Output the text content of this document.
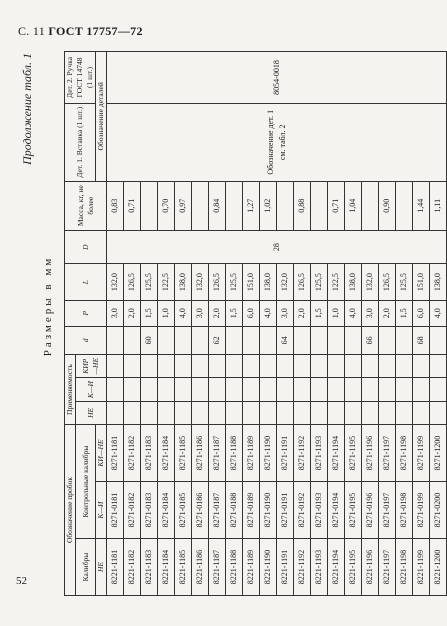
С. 11 ГОСТ 17757—72
Продолжение табл. 1
Размеры в мм
Обозначение пробок			Применяемость			d	P	L	D	Масса, кг, не более	Дет. 1. Вставка (1 шт.)	Дет. 2. Ручка ГОСТ 14748 (1 шт.)
Калибры	Контрольные калибры		НЕ	К—И	КИР—НЕ							
НЕ	К—И	КИ—НЕ									Обозначение деталей	
8221-1181	8271-0181	8271-1181					3,0	132,0	28	0,83	Обозначение дет. 1 см. табл. 2	8054-0018
8221-1182	8271-0182	8271-1182					2,0	126,5		0,71		
8221-1183	8271-0183	8271-1183				60	1,5	125,5				
8221-1184	8271-0184	8271-1184					1,0	122,5		0,70		
8221-1185	8271-0185	8271-1185					4,0	138,0		0,97		
8221-1186	8271-0186	8271-1186					3,0	132,0				
8221-1187	8271-0187	8271-1187				62	2,0	126,5		0,84		
8221-1188	8271-0188	8271-1188					1,5	125,5				
8221-1189	8271-0189	8271-1189					6,0	151,0		1,27		
8221-1190	8271-0190	8271-1190					4,0	138,0		1,02		
8221-1191	8271-0191	8271-1191				64	3,0	132,0				
8221-1192	8271-0192	8271-1192					2,0	126,5		0,88		
8221-1193	8271-0193	8271-1193					1,5	125,5				
8221-1194	8271-0194	8271-1194					1,0	122,5		0,71		
8221-1195	8271-0195	8271-1195					4,0	138,0		1,04		
8221-1196	8271-0196	8271-1196				66	3,0	132,0				
8221-1197	8271-0197	8271-1197					2,0	126,5		0,90		
8221-1198	8271-0198	8271-1198					1,5	125,5				
8221-1199	8271-0199	8271-1199				68	6,0	151,0		1,44		
8221-1200	8271-0200	8271-1200					4,0	138,0		1,11		
52
